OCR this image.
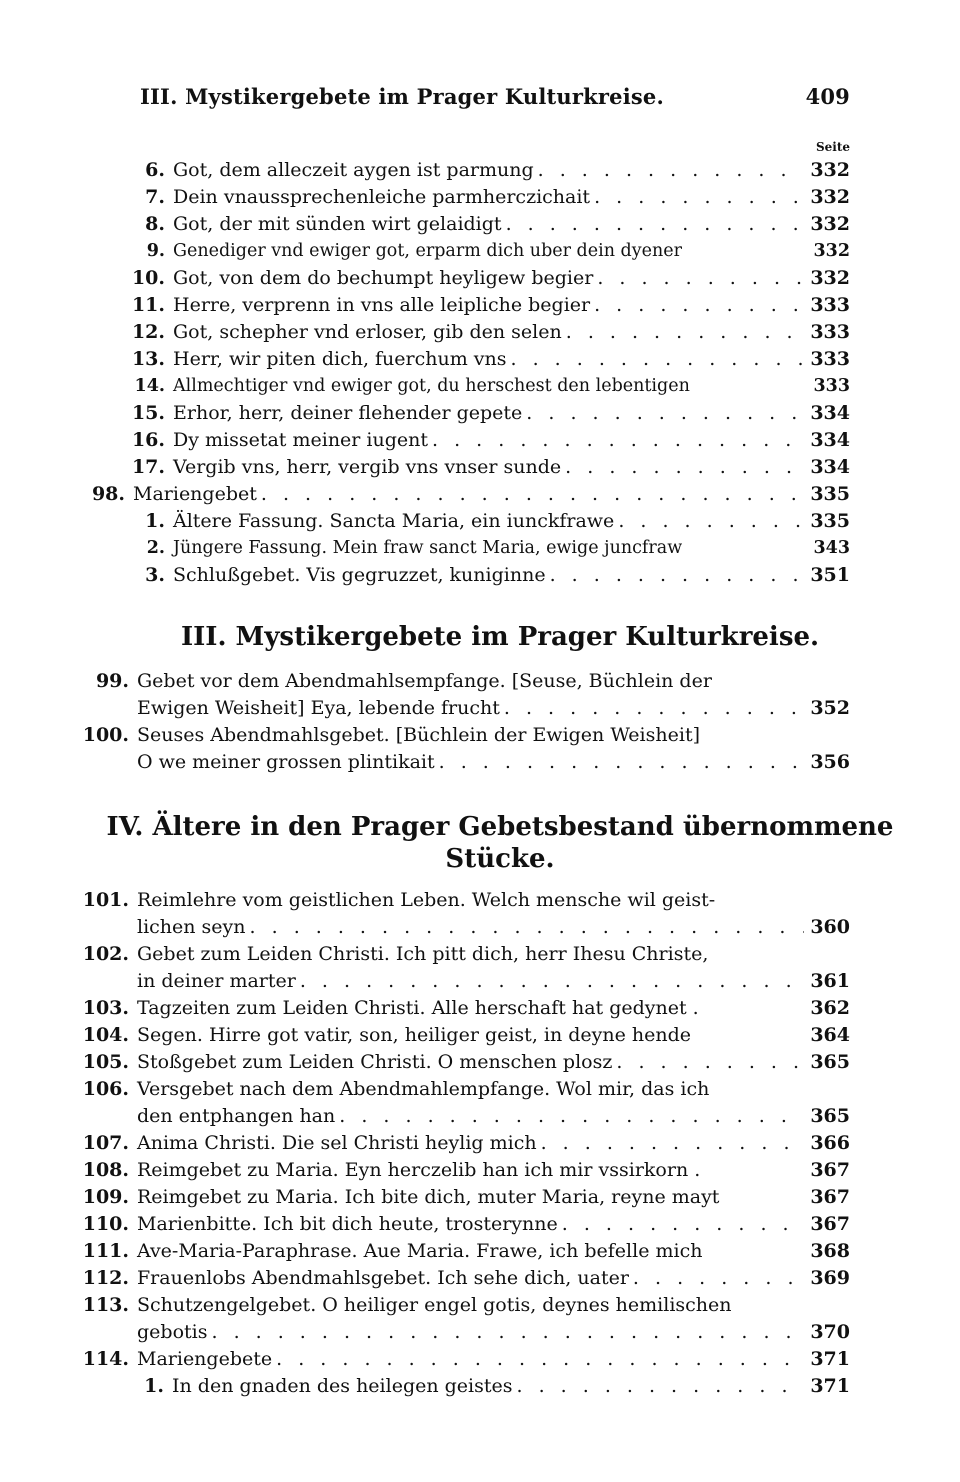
III. Mystikergebete im Prager Kulturkreise.	409
Seite
6. Got, dem alleczeit aygen ist parmung . . .	332
7. Dein vnaussprechenleiche parmherczichait . . .	332
8. Got, der mit sünden wirt gelaidigt . . .	332
9. Genediger vnd ewiger got, erparm dich uber dein dyener	332
10. Got, von dem do bechumpt heyligew begier . . .	332
11. Herre, verprenn in vns alle leipliche begier . . .	333
12. Got, schepher vnd erloser, gib den selen . . .	333
13. Herr, wir piten dich, fuerchum vns . . .	333
14. Allmechtiger vnd ewiger got, du herschest den lebentigen	333
15. Erhor, herr, deiner flehender gepete . . .	334
16. Dy missetat meiner iugent . . .	334
17. Vergib vns, herr, vergib vns vnser sunde . . .	334
98. Mariengebet . . .	335
1. Ältere Fassung. Sancta Maria, ein iunckfrawe . . .	335
2. Jüngere Fassung. Mein fraw sanct Maria, ewige juncfraw	343
3. Schlußgebet. Vis gegruzzet, kuniginne . . .	351
III. Mystikergebete im Prager Kulturkreise.
99. Gebet vor dem Abendmahlsempfange. [Seuse, Büchlein der
Ewigen Weisheit] Eya, lebende frucht . . .	352
100. Seuses Abendmahlsgebet. [Büchlein der Ewigen Weisheit]
O we meiner grossen plintikait . . .	356
IV. Ältere in den Prager Gebetsbestand übernommene
Stücke.
101. Reimlehre vom geistlichen Leben. Welch mensche wil geist-
lichen seyn . . .	360
102. Gebet zum Leiden Christi. Ich pitt dich, herr Ihesu Christe,
in deiner marter . . .	361
103. Tagzeiten zum Leiden Christi. Alle herschaft hat gedynet .	362
104. Segen. Hirre got vatir, son, heiliger geist, in deyne hende	364
105. Stoßgebet zum Leiden Christi. O menschen plosz . . .	365
106. Versgebet nach dem Abendmahlempfange. Wol mir, das ich
den entphangen han . . .	365
107. Anima Christi. Die sel Christi heylig mich . . .	366
108. Reimgebet zu Maria. Eyn herczelib han ich mir vssirkorn .	367
109. Reimgebet zu Maria. Ich bite dich, muter Maria, reyne mayt	367
110. Marienbitte. Ich bit dich heute, trosterynne . . .	367
111. Ave-Maria-Paraphrase. Aue Maria. Frawe, ich befelle mich	368
112. Frauenlobs Abendmahlsgebet. Ich sehe dich, uater . . .	369
113. Schutzengelgebet. O heiliger engel gotis, deynes hemilischen
gebotis . . .	370
114. Mariengebete . . .	371
1. In den gnaden des heilegen geistes . . .	371
